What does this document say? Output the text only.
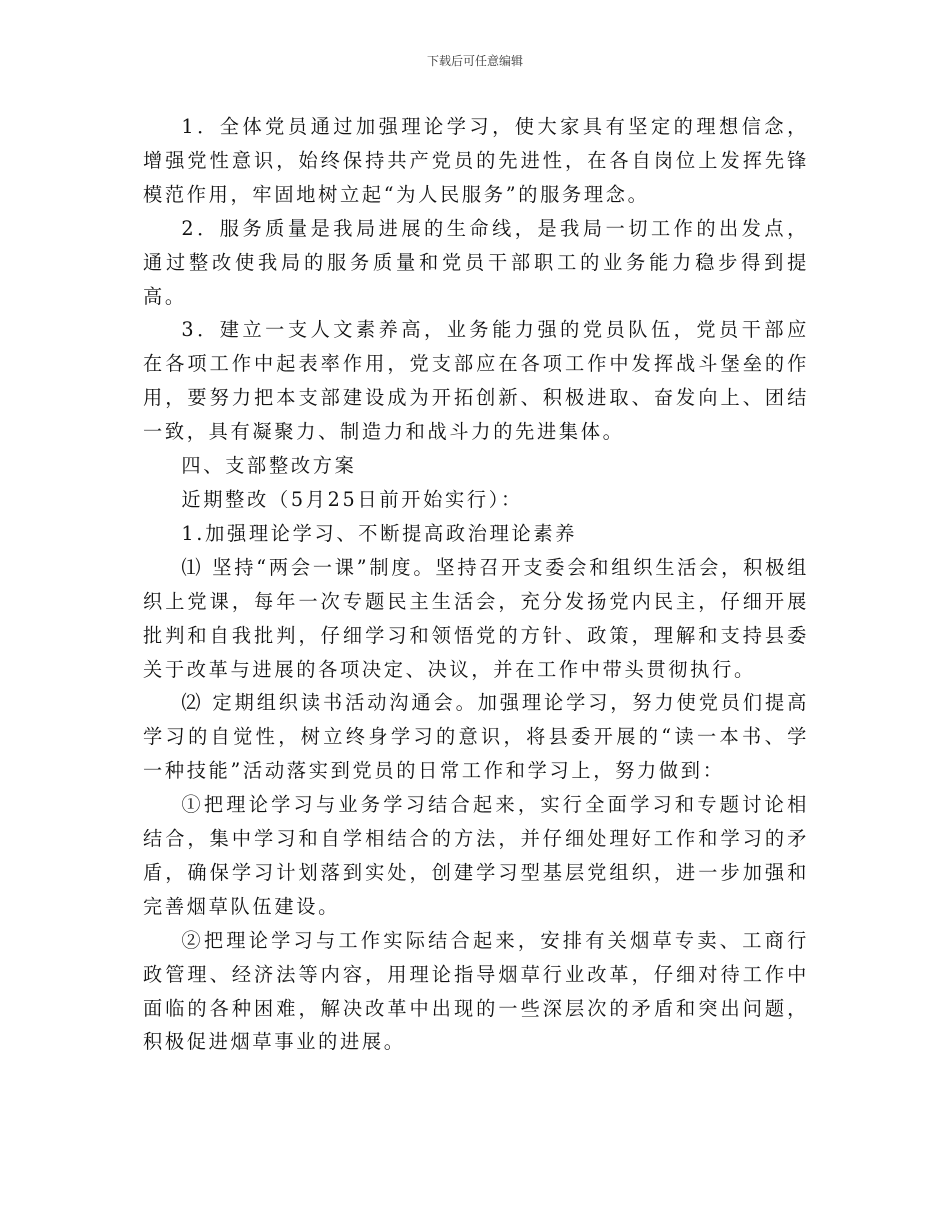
下载后可任意编辑

1．全体党员通过加强理论学习，使大家具有坚定的理想信念，增强党性意识，始终保持共产党员的先进性，在各自岗位上发挥先锋模范作用，牢固地树立起“为人民服务”的服务理念。

2．服务质量是我局进展的生命线，是我局一切工作的出发点，通过整改使我局的服务质量和党员干部职工的业务能力稳步得到提高。

3．建立一支人文素养高，业务能力强的党员队伍，党员干部应在各项工作中起表率作用，党支部应在各项工作中发挥战斗堡垒的作用，要努力把本支部建设成为开拓创新、积极进取、奋发向上、团结一致，具有凝聚力、制造力和战斗力的先进集体。

四、支部整改方案

近期整改（5月25日前开始实行）：

1.加强理论学习、不断提高政治理论素养

⑴ 坚持“两会一课”制度。坚持召开支委会和组织生活会，积极组织上党课，每年一次专题民主生活会，充分发扬党内民主，仔细开展批判和自我批判，仔细学习和领悟党的方针、政策，理解和支持县委关于改革与进展的各项决定、决议，并在工作中带头贯彻执行。

⑵ 定期组织读书活动沟通会。加强理论学习，努力使党员们提高学习的自觉性，树立终身学习的意识，将县委开展的“读一本书、学一种技能”活动落实到党员的日常工作和学习上，努力做到：

①把理论学习与业务学习结合起来，实行全面学习和专题讨论相结合，集中学习和自学相结合的方法，并仔细处理好工作和学习的矛盾，确保学习计划落到实处，创建学习型基层党组织，进一步加强和完善烟草队伍建设。

②把理论学习与工作实际结合起来，安排有关烟草专卖、工商行政管理、经济法等内容，用理论指导烟草行业改革，仔细对待工作中面临的各种困难，解决改革中出现的一些深层次的矛盾和突出问题，积极促进烟草事业的进展。
